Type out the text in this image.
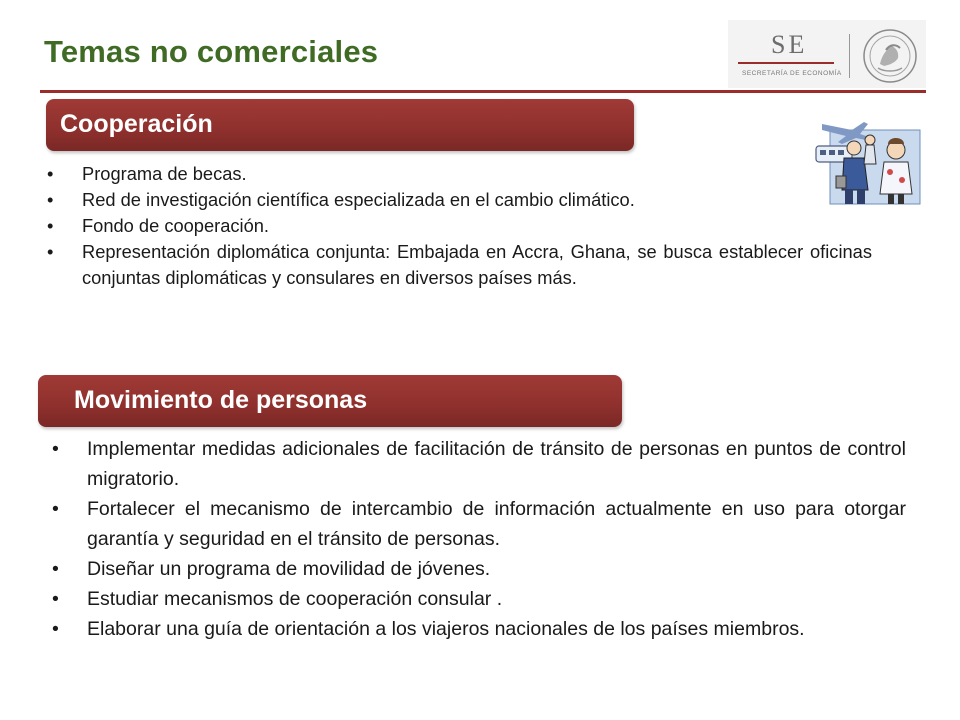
Temas no comerciales	SE
SECRETARÍA DE ECONOMÍA
Cooperación
• Programa de becas.
• Red de investigación científica especializada en el cambio climático.
• Fondo de cooperación.
• Representación diplomática conjunta: Embajada en Accra, Ghana, se busca establecer oficinas conjuntas diplomáticas y consulares en diversos países más.
Movimiento de personas
• Implementar medidas adicionales de facilitación de tránsito de personas en puntos de control migratorio.
• Fortalecer el mecanismo de intercambio de información actualmente en uso para otorgar garantía y seguridad en el tránsito de personas.
• Diseñar un programa de movilidad de jóvenes.
• Estudiar mecanismos de cooperación consular .
• Elaborar una guía de orientación a los viajeros nacionales de los países miembros.
